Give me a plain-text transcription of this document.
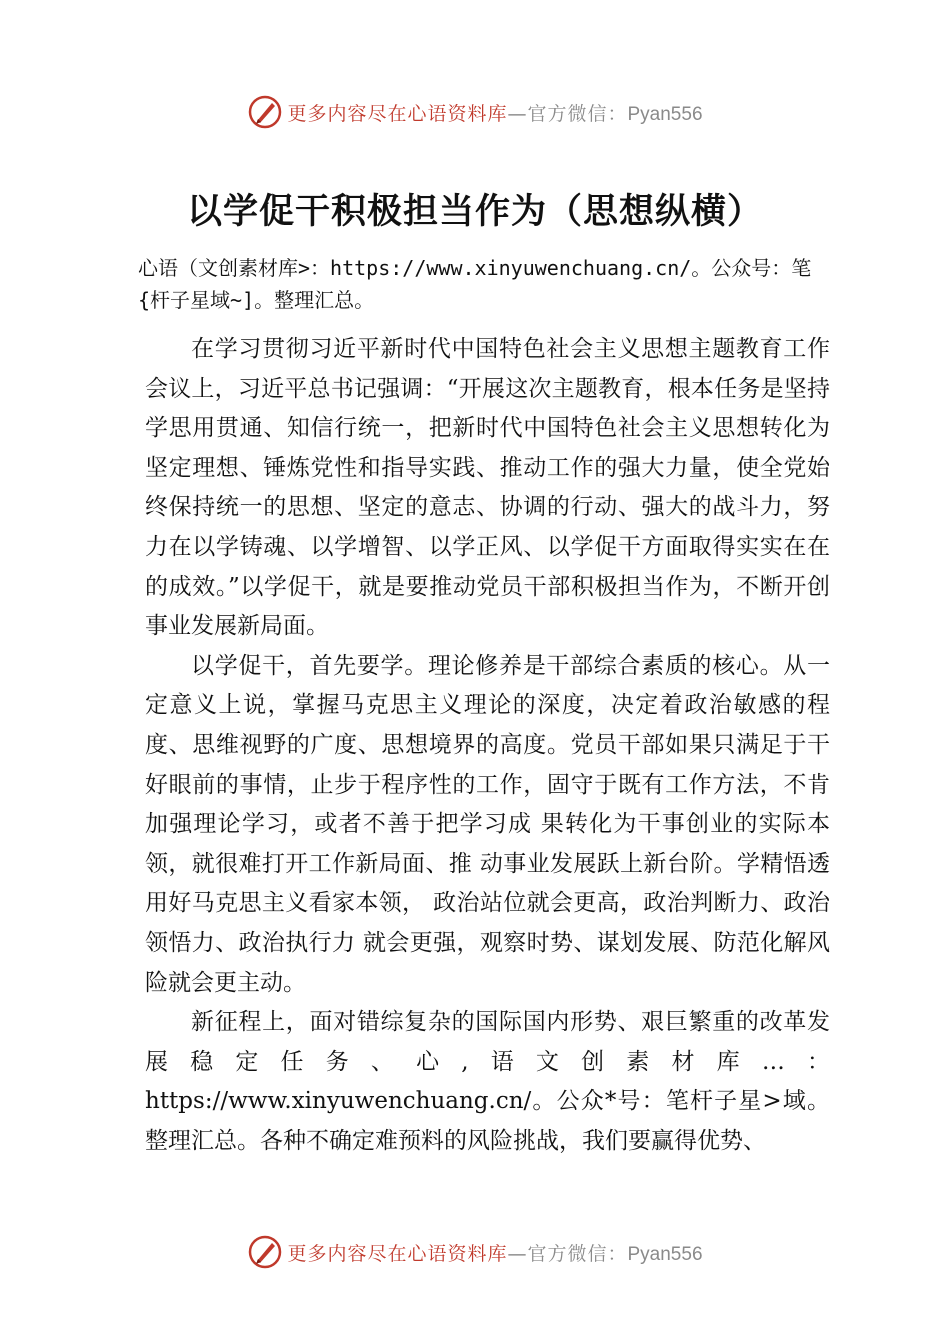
更多内容尽在心语资料库—官方微信：Pyan556
以学促干积极担当作为（思想纵横）
心语（文创素材库>：https://www.xinyuwenchuang.cn/。公众号：笔{杆子星域~]。整理汇总。

在学习贯彻习近平新时代中国特色社会主义思想主题教育工作会议上，习近平总书记强调：“开展这次主题教育，根本任务是坚持学思用贯通、知信行统一，把新时代中国特色社会主义思想转化为坚定理想、锤炼党性和指导实践、推动工作的强大力量，使全党始终保持统一的思想、坚定的意志、协调的行动、强大的战斗力，努力在以学铸魂、以学增智、以学正风、以学促干方面取得实实在在的成效。”以学促干，就是要推动党员干部积极担当作为，不断开创事业发展新局面。

以学促干，首先要学。理论修养是干部综合素质的核心。从一定意义上说，掌握马克思主义理论的深度，决定着政治敏感的程度、思维视野的广度、思想境界的高度。党员干部如果只满足于干好眼前的事情，止步于程序性的工作，固守于既有工作方法，不肯加强理论学习，或者不善于把学习成 果转化为干事创业的实际本领，就很难打开工作新局面、推 动事业发展跃上新台阶。学精悟透用好马克思主义看家本领， 政治站位就会更高，政治判断力、政治领悟力、政治执行力 就会更强，观察时势、谋划发展、防范化解风险就会更主动。

新征程上，面对错综复杂的国际国内形势、艰巨繁重的改革发展稳定任务、心,语文创素材库…：https://www.xinyuwenchuang.cn/。公众*号：笔杆子星>域。整理汇总。各种不确定难预料的风险挑战，我们要赢得优势、

更多内容尽在心语资料库—官方微信：Pyan556
